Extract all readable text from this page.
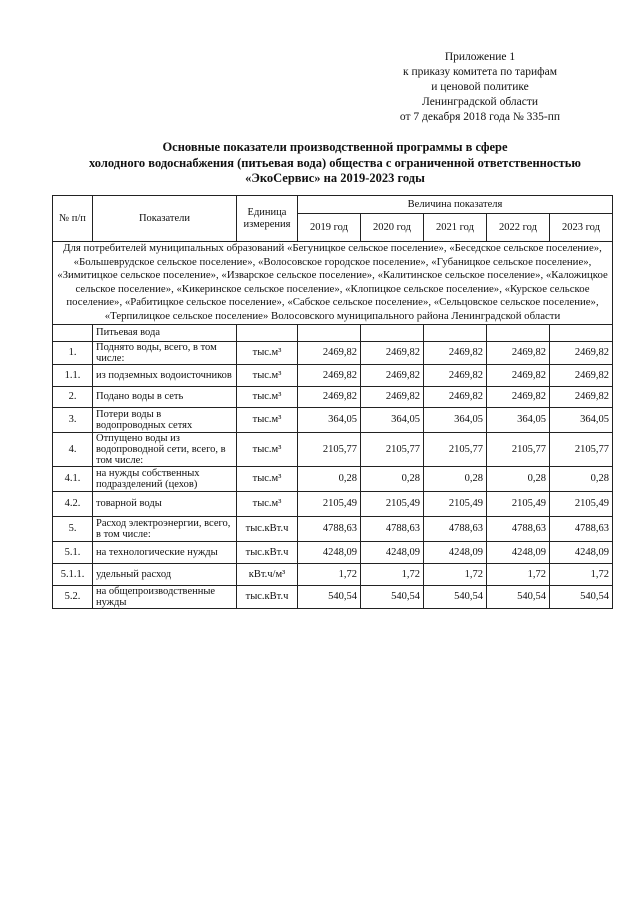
Приложение 1
к приказу комитета по тарифам
и ценовой политике
Ленинградской области
от 7 декабря 2018 года № 335-пп
Основные показатели производственной программы в сфере
холодного водоснабжения (питьевая вода) общества с ограниченной ответственностью
«ЭкоСервис» на 2019-2023 годы
№ п/п	Показатели	Единица измерения	Величина показателя				
			2019 год	2020 год	2021 год	2022 год	2023 год
Для потребителей муниципальных образований «Бегуницкое сельское поселение», «Беседское сельское поселение», «Большеврудское сельское поселение», «Волосовское городское поселение», «Губаницкое сельское поселение», «Зимитицкое сельское поселение», «Изварское сельское поселение», «Калитинское сельское поселение», «Каложицкое сельское поселение», «Кикеринское сельское поселение», «Клопицкое сельское поселение», «Курское сельское поселение», «Рабитицкое сельское поселение», «Сабское сельское поселение», «Сельцовское сельское поселение», «Терпилицкое сельское поселение» Волосовского муниципального района Ленинградской области							
	Питьевая вода						
1.	Поднято воды, всего, в том числе:	тыс.м³	2469,82	2469,82	2469,82	2469,82	2469,82
1.1.	из подземных водоисточников	тыс.м³	2469,82	2469,82	2469,82	2469,82	2469,82
2.	Подано воды в сеть	тыс.м³	2469,82	2469,82	2469,82	2469,82	2469,82
3.	Потери воды в водопроводных сетях	тыс.м³	364,05	364,05	364,05	364,05	364,05
4.	Отпущено воды из водопроводной сети, всего, в том числе:	тыс.м³	2105,77	2105,77	2105,77	2105,77	2105,77
4.1.	на нужды собственных подразделений (цехов)	тыс.м³	0,28	0,28	0,28	0,28	0,28
4.2.	товарной воды	тыс.м³	2105,49	2105,49	2105,49	2105,49	2105,49
5.	Расход электроэнергии, всего, в том числе:	тыс.кВт.ч	4788,63	4788,63	4788,63	4788,63	4788,63
5.1.	на технологические нужды	тыс.кВт.ч	4248,09	4248,09	4248,09	4248,09	4248,09
5.1.1.	удельный расход	кВт.ч/м³	1,72	1,72	1,72	1,72	1,72
5.2.	на общепроизводственные нужды	тыс.кВт.ч	540,54	540,54	540,54	540,54	540,54
